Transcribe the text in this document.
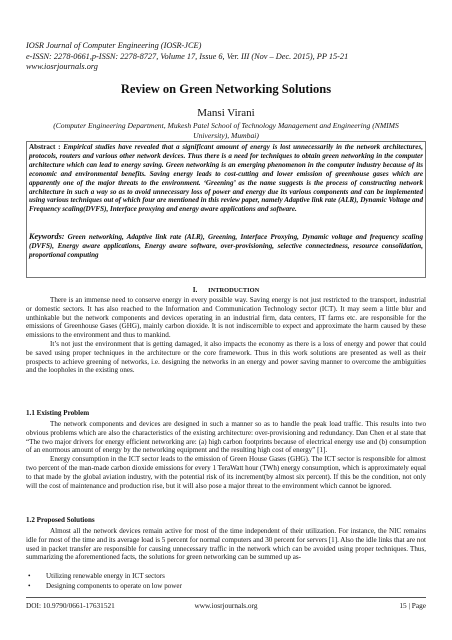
IOSR Journal of Computer Engineering (IOSR-JCE)
e-ISSN: 2278-0661,p-ISSN: 2278-8727, Volume 17, Issue 6, Ver. III (Nov – Dec. 2015), PP 15-21
www.iosrjournals.org
Review on Green Networking Solutions
Mansi Virani
(Computer Engineering Department, Mukesh Patel School of Technology Management and Engineering (NMIMS University), Mumbai)
Abstract : Empirical studies have revealed that a significant amount of energy is lost unnecessarily in the network architectures, protocols, routers and various other network devices. Thus there is a need for techniques to obtain green networking in the computer architecture which can lead to energy saving. Green networking is an emerging phenomenon in the computer industry because of its economic and environmental benefits. Saving energy leads to cost-cutting and lower emission of greenhouse gases which are apparently one of the major threats to the environment. ‘Greening’ as the name suggests is the process of constructing network architecture in such a way so as to avoid unnecessary loss of power and energy due its various components and can be implemented using various techniques out of which four are mentioned in this review paper, namely Adaptive link rate (ALR), Dynamic Voltage and Frequency scaling(DVFS), Interface proxying and energy aware applications and software.
Keywords: Green networking, Adaptive link rate (ALR), Greening, Interface Proxying, Dynamic voltage and frequency scaling (DVFS), Energy aware applications, Energy aware software, over-provisioning, selective connectedness, resource consolidation, proportional computing
I. INTRODUCTION

There is an immense need to conserve energy in every possible way. Saving energy is not just restricted to the transport, industrial or domestic sectors. It has also reached to the Information and Communication Technology sector (ICT). It may seem a little blur and unthinkable but the network components and devices operating in an industrial firm, data centers, IT farms etc. are responsible for the emissions of Greenhouse Gases (GHG), mainly carbon dioxide. It is not indiscernible to expect and approximate the harm caused by these emissions to the environment and thus to mankind.

It’s not just the environment that is getting damaged, it also impacts the economy as there is a loss of energy and power that could be saved using proper techniques in the architecture or the core framework. Thus in this work solutions are presented as well as their prospects to achieve greening of networks, i.e. designing the networks in an energy and power saving manner to overcome the ambiguities and the loopholes in the existing ones.

1.1 Existing Problem

The network components and devices are designed in such a manner so as to handle the peak load traffic. This results into two obvious problems which are also the characteristics of the existing architecture: over-provisioning and redundancy. Dan Chen et al state that “The two major drivers for energy efficient networking are: (a) high carbon footprints because of electrical energy use and (b) consumption of an enormous amount of energy by the networking equipment and the resulting high cost of energy” [1].

Energy consumption in the ICT sector leads to the emission of Green House Gases (GHG). The ICT sector is responsible for almost two percent of the man-made carbon dioxide emissions for every 1 TeraWatt hour (TWh) energy consumption, which is approximately equal to that made by the global aviation industry, with the potential risk of its increment(by almost six percent). If this be the condition, not only will the cost of maintenance and production rise, but it will also pose a major threat to the environment which cannot be ignored.

1.2 Proposed Solutions

Almost all the network devices remain active for most of the time independent of their utilization. For instance, the NIC remains idle for most of the time and its average load is 5 percent for normal computers and 30 percent for servers [1]. Also the idle links that are not used in packet transfer are responsible for causing unnecessary traffic in the network which can be avoided using proper techniques. Thus, summarizing the aforementioned facts, the solutions for green networking can be summed up as-

• Utilizing renewable energy in ICT sectors
• Designing components to operate on low power
DOI: 10.9790/0661-17631521	www.iosrjournals.org	15 | Page
